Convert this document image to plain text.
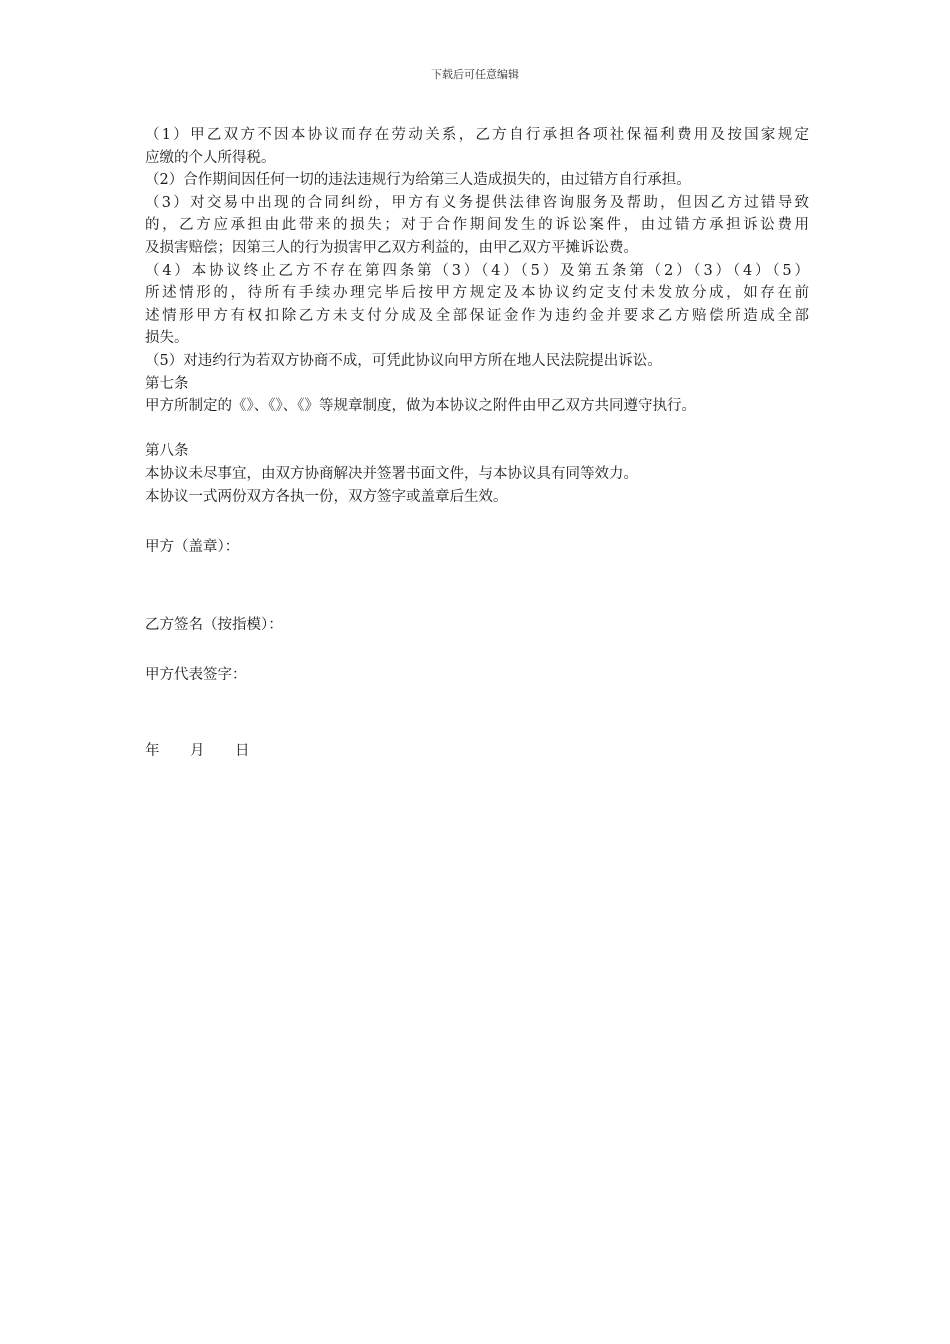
下载后可任意编辑
（1）甲乙双方不因本协议而存在劳动关系，乙方自行承担各项社保福利费用及按国家规定
应缴的个人所得税。
（2）合作期间因任何一切的违法违规行为给第三人造成损失的，由过错方自行承担。
（3）对交易中出现的合同纠纷，甲方有义务提供法律咨询服务及帮助，但因乙方过错导致
的，乙方应承担由此带来的损失；对于合作期间发生的诉讼案件，由过错方承担诉讼费用
及损害赔偿；因第三人的行为损害甲乙双方利益的，由甲乙双方平摊诉讼费。
（4）本协议终止乙方不存在第四条第（3）（4）（5）及第五条第（2）（3）（4）（5）
所述情形的，待所有手续办理完毕后按甲方规定及本协议约定支付未发放分成，如存在前
述情形甲方有权扣除乙方未支付分成及全部保证金作为违约金并要求乙方赔偿所造成全部
损失。
（5）对违约行为若双方协商不成，可凭此协议向甲方所在地人民法院提出诉讼。
第七条
甲方所制定的《》、《》、《》等规章制度，做为本协议之附件由甲乙双方共同遵守执行。
第八条
本协议未尽事宜，由双方协商解决并签署书面文件，与本协议具有同等效力。
本协议一式两份双方各执一份，双方签字或盖章后生效。
甲方（盖章）：
乙方签名（按指模）：
甲方代表签字：
年	月	日
